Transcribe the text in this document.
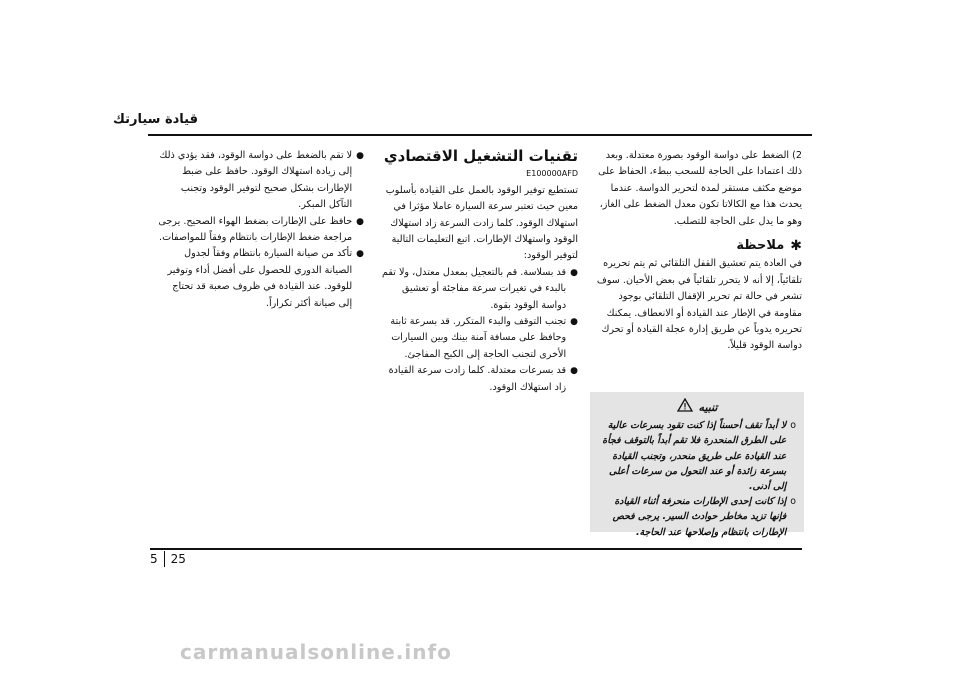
قيادة سيارتك

2) الضغط على دواسة الوقود بصورة معتدلة. وبعد ذلك اعتمادا على الحاجة للسحب ببطء، الحفاظ على موضع مكثف مستقر لمدة لتحرير الدواسة. عندما يحدث هذا مع الكالاتا تكون معدل الضغط على الغاز، وهو ما يدل على الحاجة للتصلب.

✱
ملاحظة

في العادة يتم تعشيق القفل التلقائي ثم يتم تحريره تلقائياً، إلا أنه لا يتحرر تلقائياً في بعض الأحيان. سوف تشعر في حالة تم تحرير الإقفال التلقائي بوجود مقاومة في الإطار عند القيادة أو الانعطاف. يمكنك تحريره يدوياً عن طريق إدارة عجلة القيادة أو تحرك دواسة الوقود قليلاً.

تنبيه
o
لا أبداً تقف أحسناً إذا كنت تقود بسرعات عالية على الطرق المنحدرة فلا تقم أبداً بالتوقف فجأة عند القيادة على طريق منحدر، وتجنب القيادة بسرعة زائدة أو عند التحول من سرعات أعلى إلى أدنى.
o
إذا كانت إحدى الإطارات منحرفة أثناء القيادة فإنها تزيد مخاطر حوادث السير. يرجى فحص الإطارات بانتظام وإصلاحها عند الحاجة.
تقنيات التشغيل الاقتصادي
E100000AFD

تستطيع توفير الوقود بالعمل على القيادة بأسلوب معين حيث تعتبر سرعة السيارة عاملا مؤثرا في استهلاك الوقود. كلما زادت السرعة زاد استهلاك الوقود واستهلاك الإطارات. اتبع التعليمات التالية لتوفير الوقود:

●
قد بسلاسة. قم بالتعجيل بمعدل معتدل، ولا تقم بالبدء في تغيرات سرعة مفاجئة أو تعشيق دواسة الوقود بقوة.
●
تجنب التوقف والبدء المتكرر. قد بسرعة ثابتة وحافظ على مسافة آمنة بينك وبين السيارات الأخرى لتجنب الحاجة إلى الكبح المفاجئ.
●
قد بسرعات معتدلة. كلما زادت سرعة القيادة زاد استهلاك الوقود.
●
لا تقم بالضغط على دواسة الوقود، فقد يؤدي ذلك إلى زيادة استهلاك الوقود. حافظ على ضبط الإطارات بشكل صحيح لتوفير الوقود وتجنب التآكل المبكر.
●
حافظ على الإطارات بضغط الهواء الصحيح. يرجى مراجعة ضغط الإطارات بانتظام وفقاً للمواصفات.
●
تأكد من صيانة السيارة بانتظام وفقاً لجدول الصيانة الدوري للحصول على أفضل أداء وتوفير للوقود. عند القيادة في ظروف صعبة قد تحتاج إلى صيانة أكثر تكراراً.
5 25
carmanualsonline.info
